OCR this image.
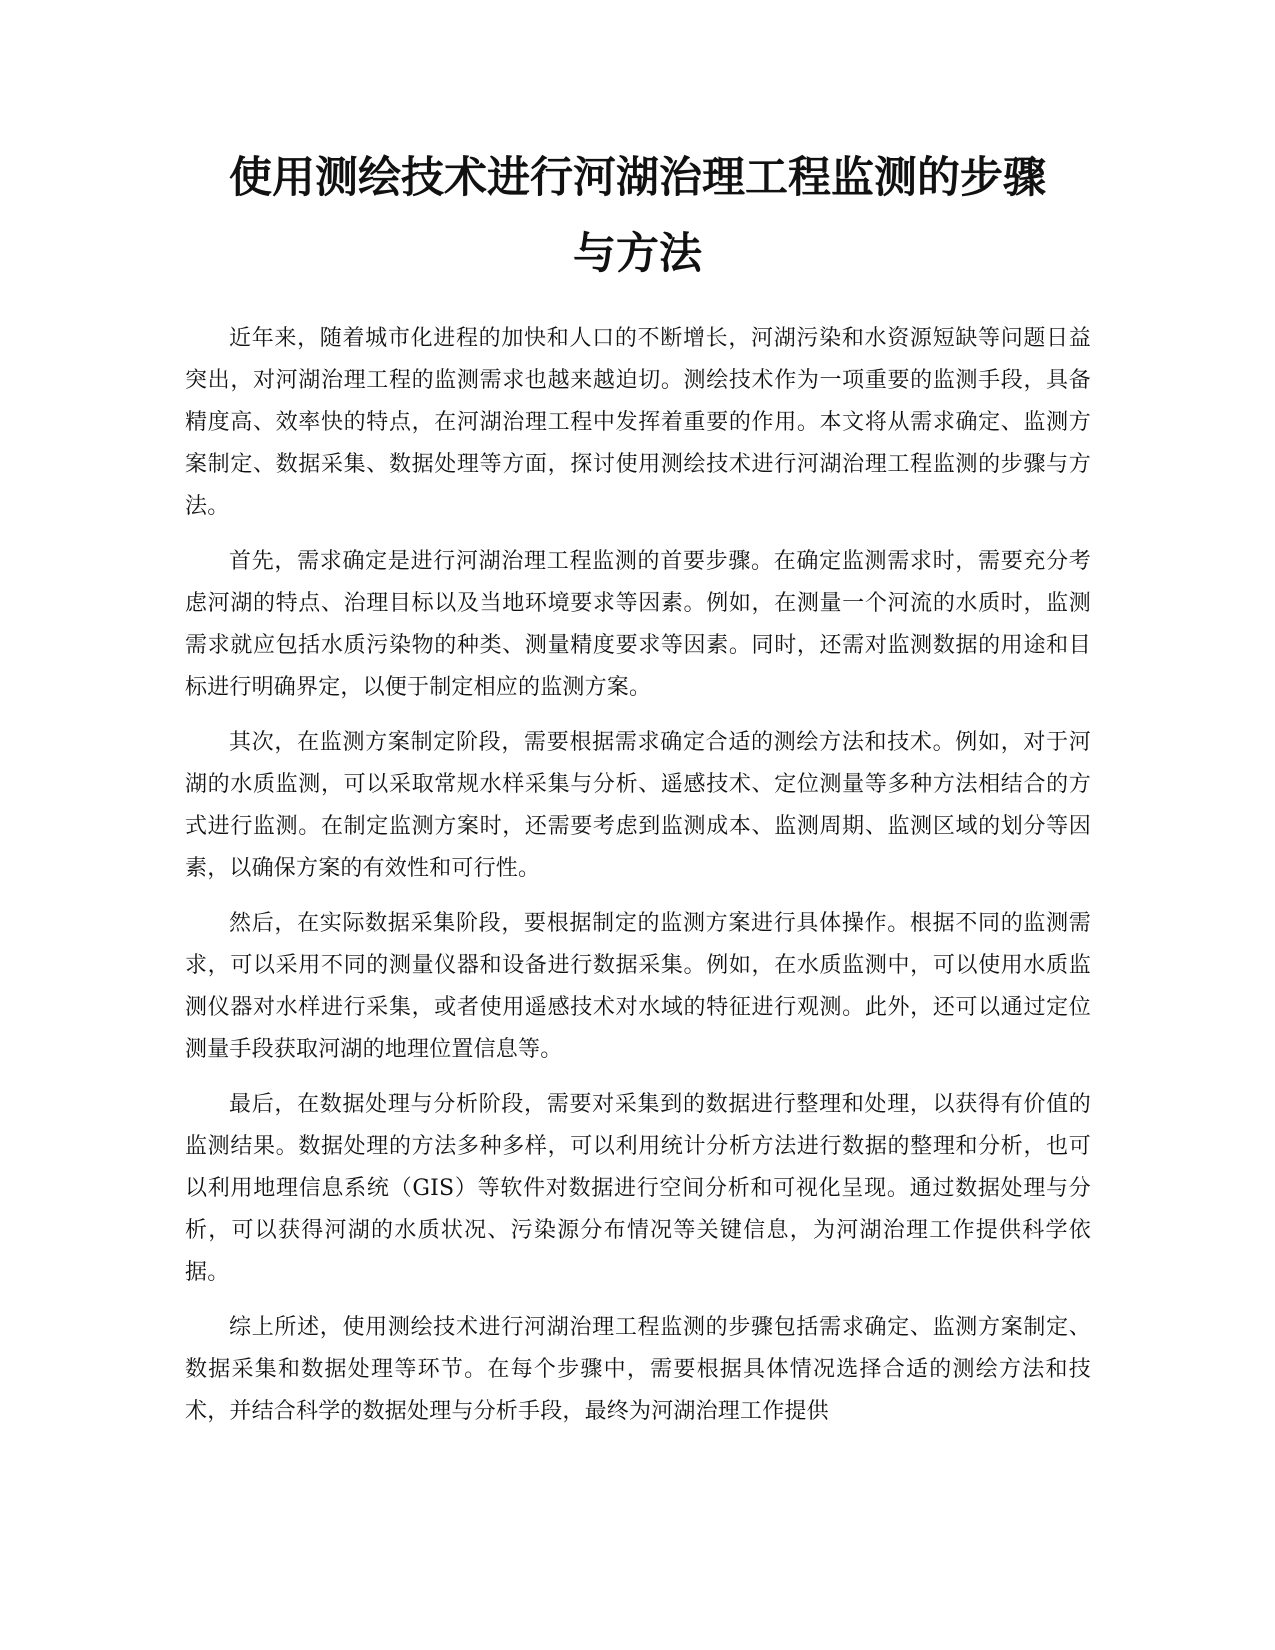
使用测绘技术进行河湖治理工程监测的步骤
与方法

近年来，随着城市化进程的加快和人口的不断增长，河湖污染和水资源短缺等问题日益突出，对河湖治理工程的监测需求也越来越迫切。测绘技术作为一项重要的监测手段，具备精度高、效率快的特点，在河湖治理工程中发挥着重要的作用。本文将从需求确定、监测方案制定、数据采集、数据处理等方面，探讨使用测绘技术进行河湖治理工程监测的步骤与方法。

首先，需求确定是进行河湖治理工程监测的首要步骤。在确定监测需求时，需要充分考虑河湖的特点、治理目标以及当地环境要求等因素。例如，在测量一个河流的水质时，监测需求就应包括水质污染物的种类、测量精度要求等因素。同时，还需对监测数据的用途和目标进行明确界定，以便于制定相应的监测方案。

其次，在监测方案制定阶段，需要根据需求确定合适的测绘方法和技术。例如，对于河湖的水质监测，可以采取常规水样采集与分析、遥感技术、定位测量等多种方法相结合的方式进行监测。在制定监测方案时，还需要考虑到监测成本、监测周期、监测区域的划分等因素，以确保方案的有效性和可行性。

然后，在实际数据采集阶段，要根据制定的监测方案进行具体操作。根据不同的监测需求，可以采用不同的测量仪器和设备进行数据采集。例如，在水质监测中，可以使用水质监测仪器对水样进行采集，或者使用遥感技术对水域的特征进行观测。此外，还可以通过定位测量手段获取河湖的地理位置信息等。

最后，在数据处理与分析阶段，需要对采集到的数据进行整理和处理，以获得有价值的监测结果。数据处理的方法多种多样，可以利用统计分析方法进行数据的整理和分析，也可以利用地理信息系统（GIS）等软件对数据进行空间分析和可视化呈现。通过数据处理与分析，可以获得河湖的水质状况、污染源分布情况等关键信息，为河湖治理工作提供科学依据。

综上所述，使用测绘技术进行河湖治理工程监测的步骤包括需求确定、监测方案制定、数据采集和数据处理等环节。在每个步骤中，需要根据具体情况选择合适的测绘方法和技术，并结合科学的数据处理与分析手段，最终为河湖治理工作提供
